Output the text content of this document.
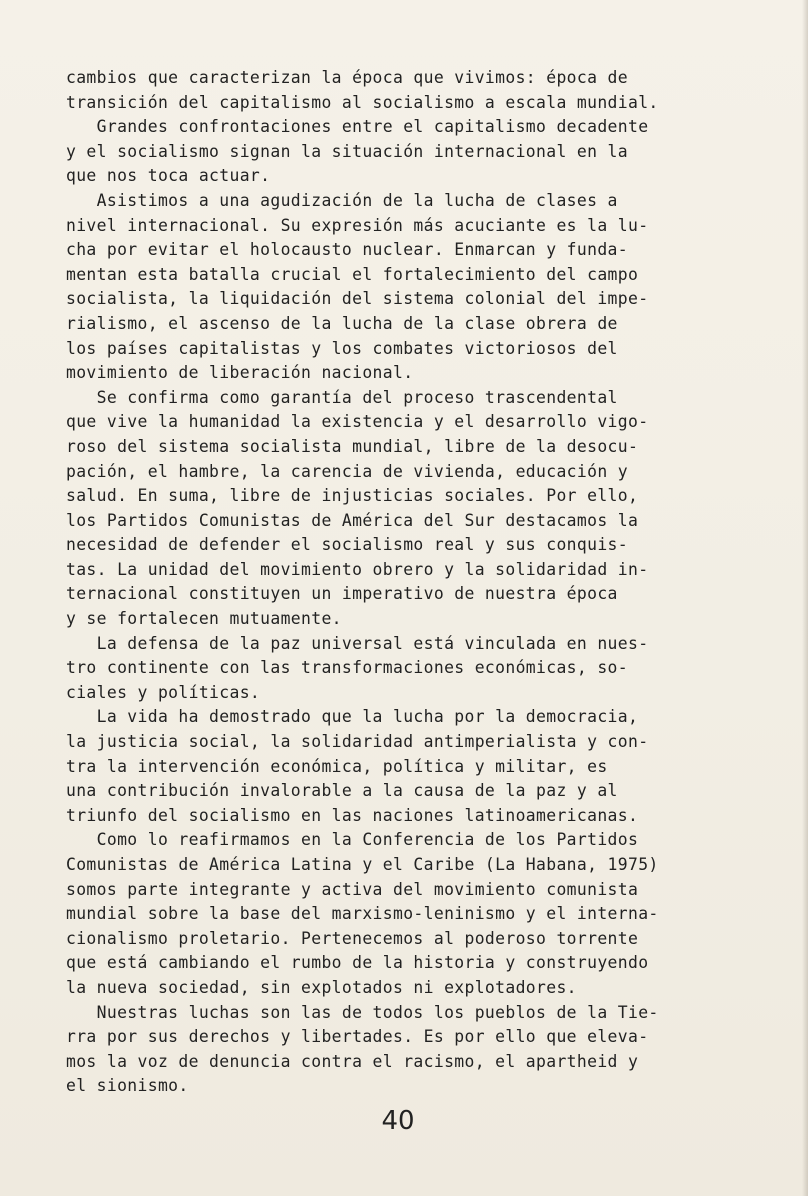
cambios que caracterizan la época que vivimos: época de
transición del capitalismo al socialismo a escala mundial.
Grandes confrontaciones entre el capitalismo decadente
y el socialismo signan la situación internacional en la
que nos toca actuar.
Asistimos a una agudización de la lucha de clases a
nivel internacional. Su expresión más acuciante es la lu-
cha por evitar el holocausto nuclear. Enmarcan y funda-
mentan esta batalla crucial el fortalecimiento del campo
socialista, la liquidación del sistema colonial del impe-
rialismo, el ascenso de la lucha de la clase obrera de
los países capitalistas y los combates victoriosos del
movimiento de liberación nacional.
Se confirma como garantía del proceso trascendental
que vive la humanidad la existencia y el desarrollo vigo-
roso del sistema socialista mundial, libre de la desocu-
pación, el hambre, la carencia de vivienda, educación y
salud. En suma, libre de injusticias sociales. Por ello,
los Partidos Comunistas de América del Sur destacamos la
necesidad de defender el socialismo real y sus conquis-
tas. La unidad del movimiento obrero y la solidaridad in-
ternacional constituyen un imperativo de nuestra época
y se fortalecen mutuamente.
La defensa de la paz universal está vinculada en nues-
tro continente con las transformaciones económicas, so-
ciales y políticas.
La vida ha demostrado que la lucha por la democracia,
la justicia social, la solidaridad antimperialista y con-
tra la intervención económica, política y militar, es
una contribución invalorable a la causa de la paz y al
triunfo del socialismo en las naciones latinoamericanas.
Como lo reafirmamos en la Conferencia de los Partidos
Comunistas de América Latina y el Caribe (La Habana, 1975)
somos parte integrante y activa del movimiento comunista
mundial sobre la base del marxismo-leninismo y el interna-
cionalismo proletario. Pertenecemos al poderoso torrente
que está cambiando el rumbo de la historia y construyendo
la nueva sociedad, sin explotados ni explotadores.
Nuestras luchas son las de todos los pueblos de la Tie-
rra por sus derechos y libertades. Es por ello que eleva-
mos la voz de denuncia contra el racismo, el apartheid y
el sionismo.
40
